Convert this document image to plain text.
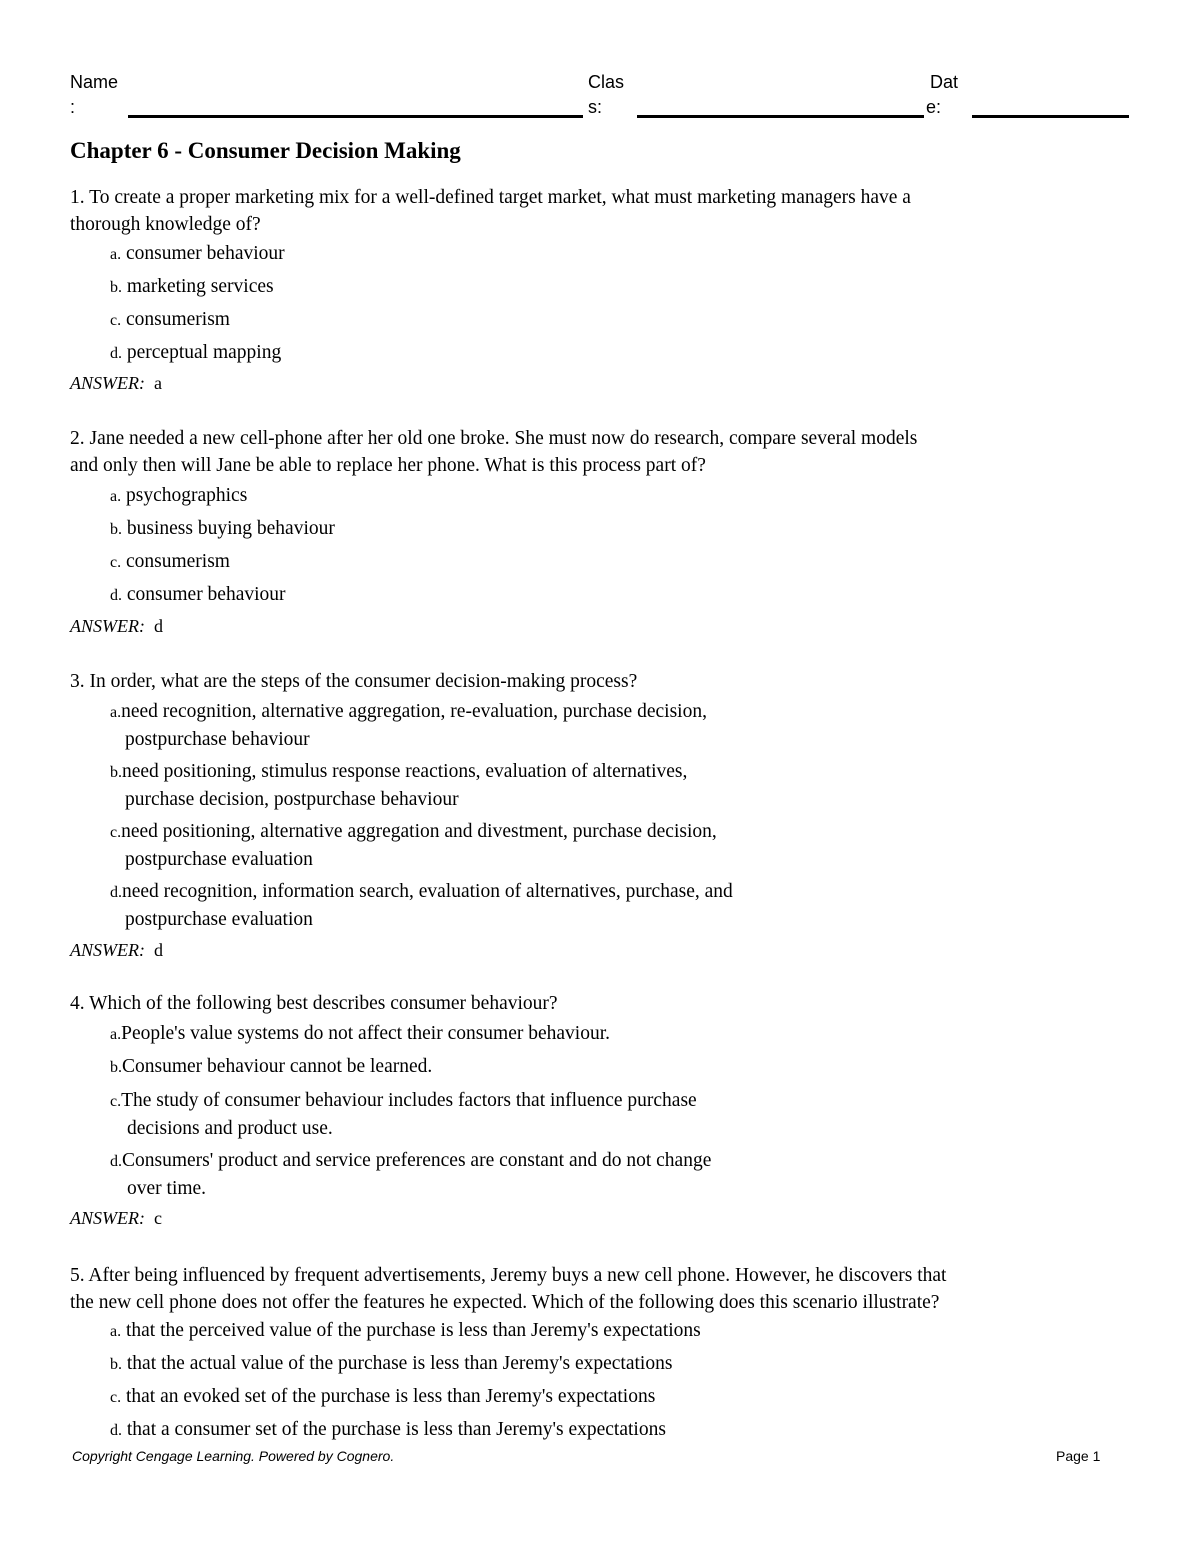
Name
:
Clas
s:
Dat
e:
Chapter 6 - Consumer Decision Making
1. To create a proper marketing mix for a well-defined target market, what must marketing managers have a
thorough knowledge of?
a. consumer behaviour
b. marketing services
c. consumerism
d. perceptual mapping
ANSWER: a
2. Jane needed a new cell-phone after her old one broke. She must now do research, compare several models
and only then will Jane be able to replace her phone. What is this process part of?
a. psychographics
b. business buying behaviour
c. consumerism
d. consumer behaviour
ANSWER: d
3. In order, what are the steps of the consumer decision-making process?
a.need recognition, alternative aggregation, re-evaluation, purchase decision,
postpurchase behaviour
b.need positioning, stimulus response reactions, evaluation of alternatives,
purchase decision, postpurchase behaviour
c.need positioning, alternative aggregation and divestment, purchase decision,
postpurchase evaluation
d.need recognition, information search, evaluation of alternatives, purchase, and
postpurchase evaluation
ANSWER: d
4. Which of the following best describes consumer behaviour?
a.People's value systems do not affect their consumer behaviour.
b.Consumer behaviour cannot be learned.
c.The study of consumer behaviour includes factors that influence purchase
decisions and product use.
d.Consumers' product and service preferences are constant and do not change
over time.
ANSWER: c
5. After being influenced by frequent advertisements, Jeremy buys a new cell phone. However, he discovers that
the new cell phone does not offer the features he expected. Which of the following does this scenario illustrate?
a. that the perceived value of the purchase is less than Jeremy's expectations
b. that the actual value of the purchase is less than Jeremy's expectations
c. that an evoked set of the purchase is less than Jeremy's expectations
d. that a consumer set of the purchase is less than Jeremy's expectations
Copyright Cengage Learning. Powered by Cognero.	Page 1
